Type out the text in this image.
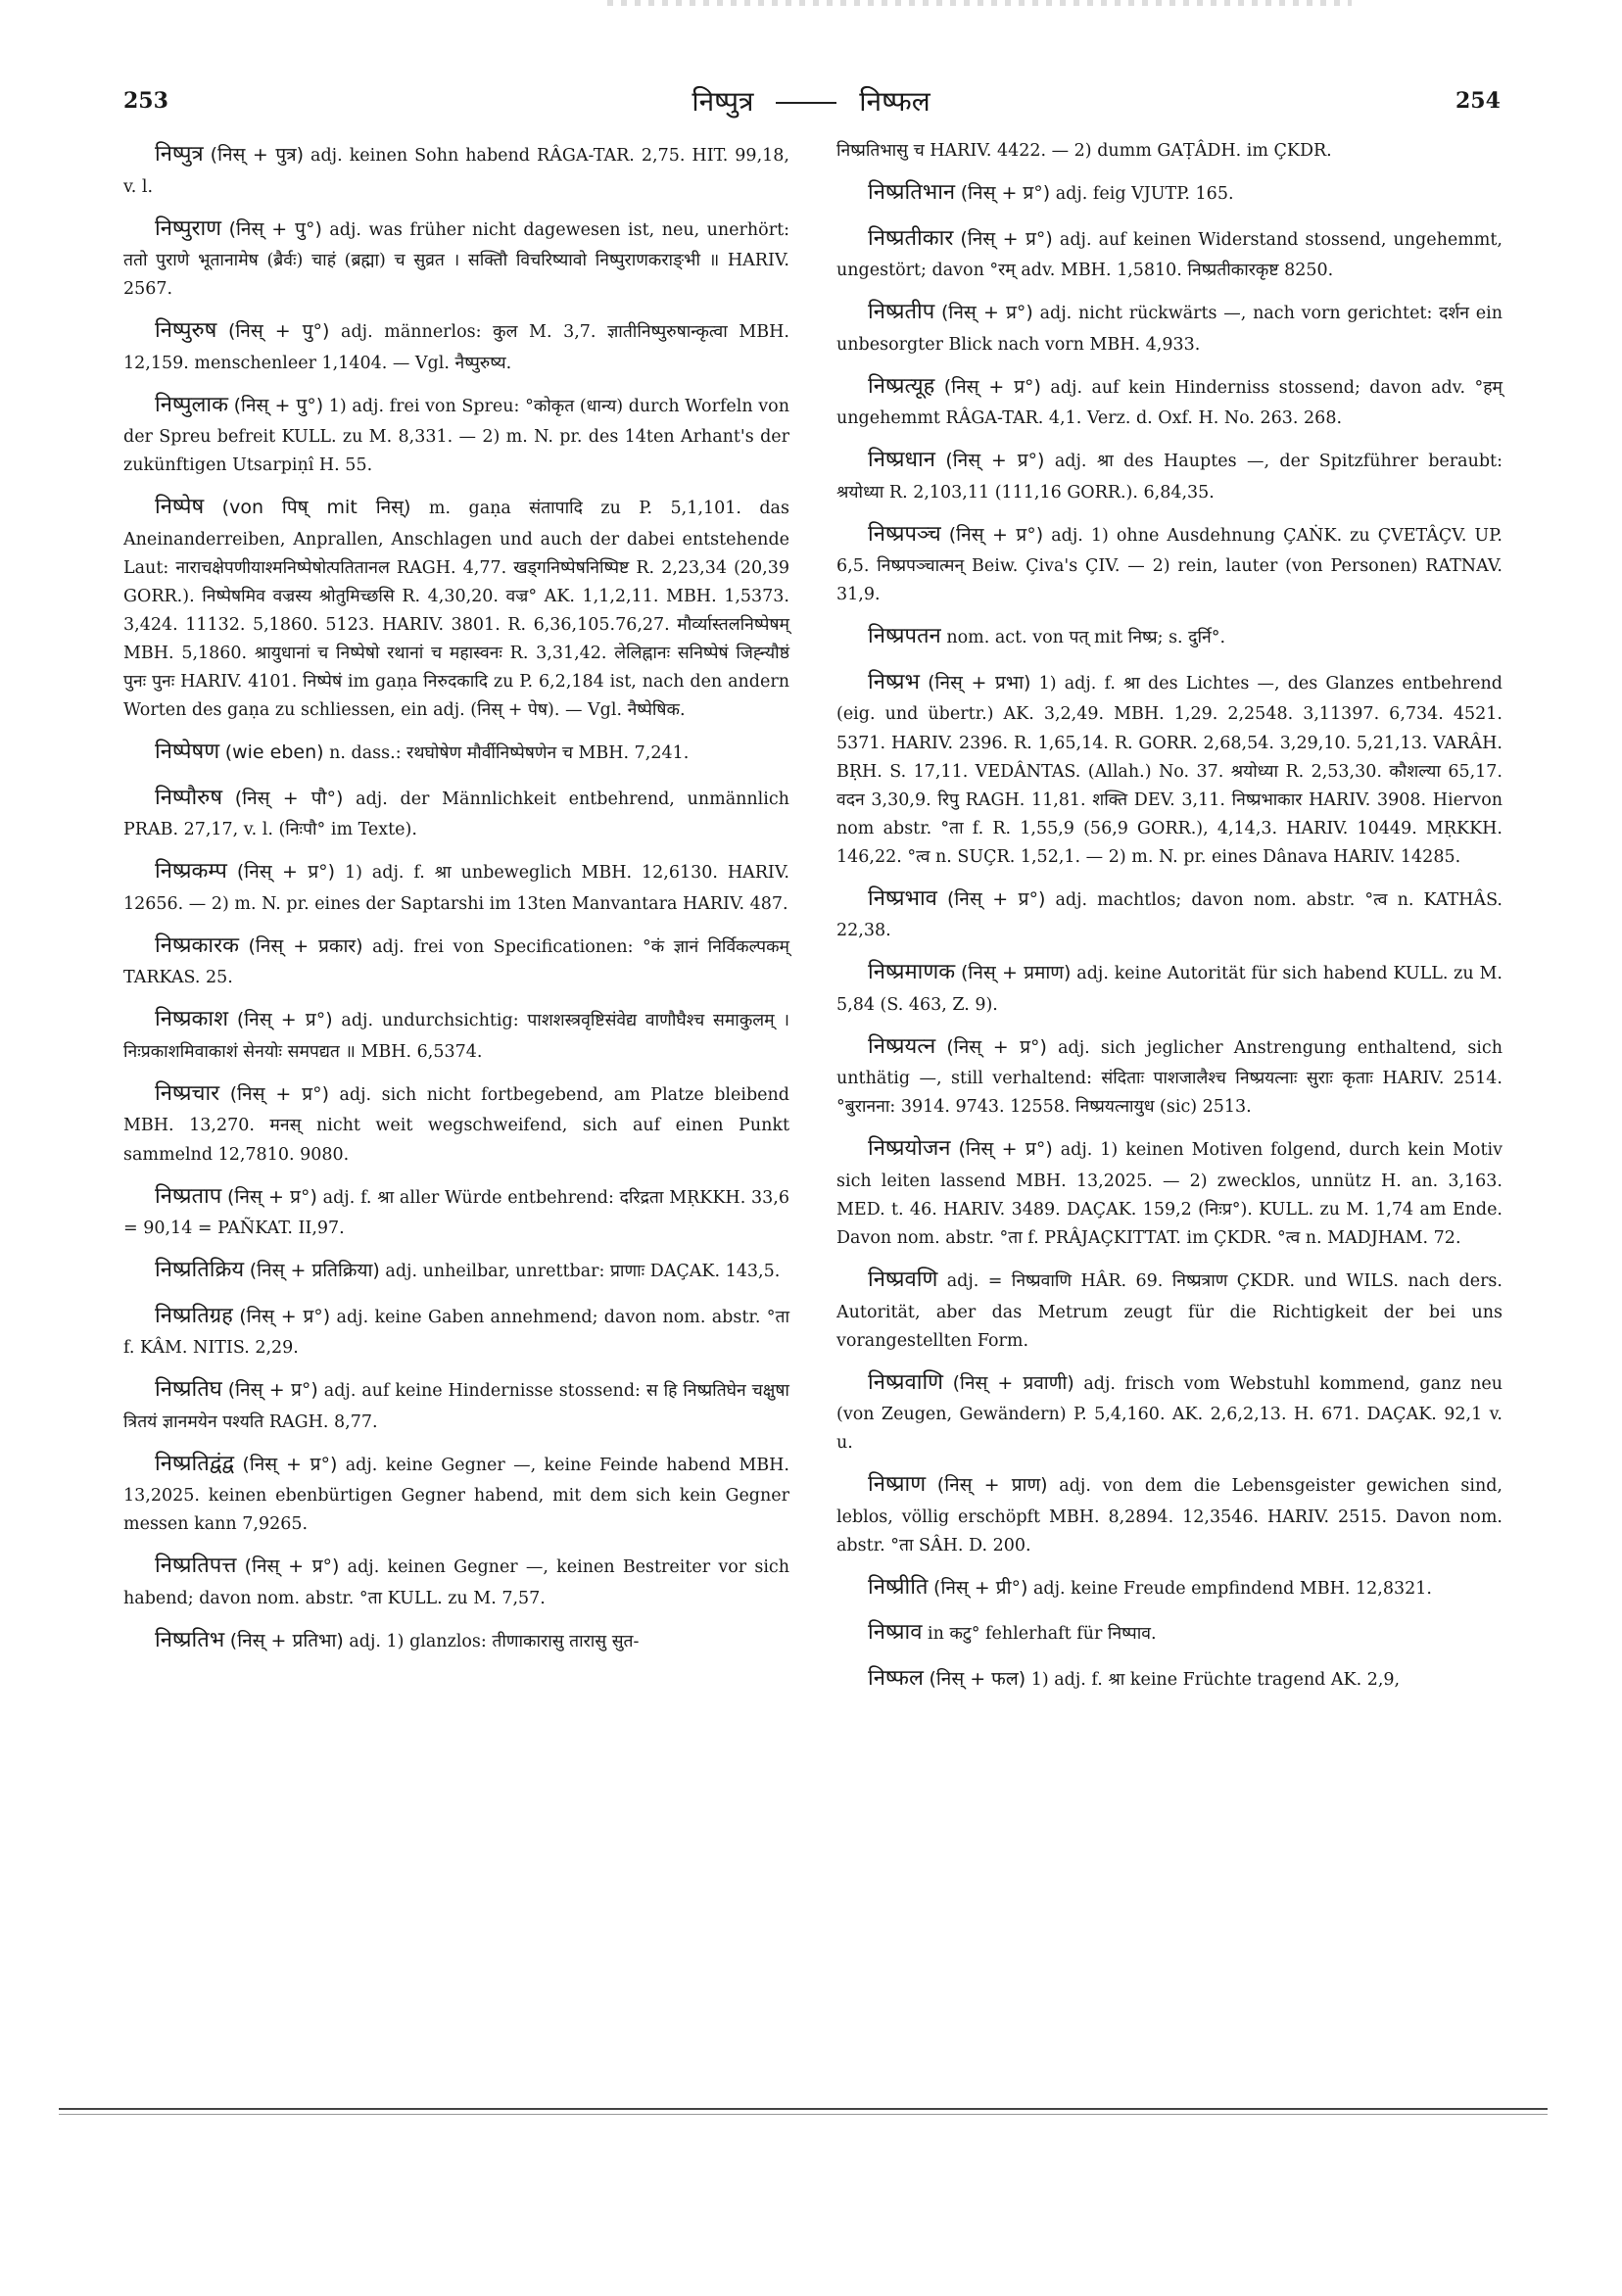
253	निष्पुत्र	निष्फल	254

निष्पुत्र (निस् + पुत्र) adj. keinen Sohn habend RÂGA-TAR. 2,75. HIT. 99,18, v. l.

निष्पुराण (निस् + पु°) adj. was früher nicht dagewesen ist, neu, unerhört: ततो पुराणे भूतानामेष (ब्रैर्वः) चाहं (ब्रह्मा) च सुव्रत । सक्तिौ विचरिष्यावो निष्पुराणकराङ्भी ॥ HARIV. 2567.

निष्पुरुष (निस् + पु°) adj. männerlos: कुल M. 3,7. ज्ञातीनिष्पुरुषान्कृत्वा MBH. 12,159. menschenleer 1,1404. — Vgl. नैष्पुरुष्य.

निष्पुलाक (निस् + पु°) 1) adj. frei von Spreu: °कोकृत (धान्य) durch Worfeln von der Spreu befreit KULL. zu M. 8,331. — 2) m. N. pr. des 14ten Arhant's der zukünftigen Utsarpiṇî H. 55.

निष्पेष (von पिष् mit निस्) m. gaṇa संतापादि zu P. 5,1,101. das Aneinanderreiben, Anprallen, Anschlagen und auch der dabei entstehende Laut: नाराचक्षेपणीयाश्मनिष्पेषोत्पतितानल RAGH. 4,77. खड्गनिष्पेषनिष्पिष्ट R. 2,23,34 (20,39 GORR.). निष्पेषमिव वज्रस्य श्रोतुमिच्छसि R. 4,30,20. वज्र° AK. 1,1,2,11. MBH. 1,5373. 3,424. 11132. 5,1860. 5123. HARIV. 3801. R. 6,36,105.76,27. मौर्व्यास्तलनिष्पेषम् MBH. 5,1860. श्रायुधानां च निष्पेषो रथानां च महास्वनः R. 3,31,42. लेलिह्नानः सनिष्पेषं जिह्न्यौष्ठं पुनः पुनः HARIV. 4101. निष्पेषं im gaṇa निरुदकादि zu P. 6,2,184 ist, nach den andern Worten des gaṇa zu schliessen, ein adj. (निस् + पेष). — Vgl. नैष्पेषिक.

निष्पेषण (wie eben) n. dass.: रथघोषेण मौर्वीनिष्पेषणेन च MBH. 7,241.

निष्पौरुष (निस् + पौ°) adj. der Männlichkeit entbehrend, unmännlich PRAB. 27,17, v. l. (निःपौ° im Texte).

निष्प्रकम्प (निस् + प्र°) 1) adj. f. श्रा unbeweglich MBH. 12,6130. HARIV. 12656. — 2) m. N. pr. eines der Saptarshi im 13ten Manvantara HARIV. 487.

निष्प्रकारक (निस् + प्रकार) adj. frei von Specificationen: °कं ज्ञानं निर्विकल्पकम् TARKAS. 25.

निष्प्रकाश (निस् + प्र°) adj. undurchsichtig: पाशशस्त्रवृष्टिसंवेद्य वाणौघैश्च समाकुलम् । निःप्रकाशमिवाकाशं सेनयोः समपद्यत ॥ MBH. 6,5374.

निष्प्रचार (निस् + प्र°) adj. sich nicht fortbegebend, am Platze bleibend MBH. 13,270. मनस् nicht weit wegschweifend, sich auf einen Punkt sammelnd 12,7810. 9080.

निष्प्रताप (निस् + प्र°) adj. f. श्रा aller Würde entbehrend: दरिद्रता MṚKKH. 33,6 = 90,14 = PAÑKAT. II,97.

निष्प्रतिक्रिय (निस् + प्रतिक्रिया) adj. unheilbar, unrettbar: प्राणाः DAÇAK. 143,5.

निष्प्रतिग्रह (निस् + प्र°) adj. keine Gaben annehmend; davon nom. abstr. °ता f. KÂM. NITIS. 2,29.

निष्प्रतिघ (निस् + प्र°) adj. auf keine Hindernisse stossend: स हि निष्प्रतिघेन चक्षुषा त्रितयं ज्ञानमयेन पश्यति RAGH. 8,77.

निष्प्रतिद्वंद्व (निस् + प्र°) adj. keine Gegner —, keine Feinde habend MBH. 13,2025. keinen ebenbürtigen Gegner habend, mit dem sich kein Gegner messen kann 7,9265.

निष्प्रतिपत्त (निस् + प्र°) adj. keinen Gegner —, keinen Bestreiter vor sich habend; davon nom. abstr. °ता KULL. zu M. 7,57.

निष्प्रतिभ (निस् + प्रतिभा) adj. 1) glanzlos: तीणाकारासु तारासु सुत-

निष्प्रतिभासु च HARIV. 4422. — 2) dumm GAṬÂDH. im ÇKDR.

निष्प्रतिभान (निस् + प्र°) adj. feig VJUTP. 165.

निष्प्रतीकार (निस् + प्र°) adj. auf keinen Widerstand stossend, ungehemmt, ungestört; davon °रम् adv. MBH. 1,5810. निष्प्रतीकारकृष्ट 8250.

निष्प्रतीप (निस् + प्र°) adj. nicht rückwärts —, nach vorn gerichtet: दर्शन ein unbesorgter Blick nach vorn MBH. 4,933.

निष्प्रत्यूह (निस् + प्र°) adj. auf kein Hinderniss stossend; davon adv. °हम् ungehemmt RÂGA-TAR. 4,1. Verz. d. Oxf. H. No. 263. 268.

निष्प्रधान (निस् + प्र°) adj. श्रा des Hauptes —, der Spitzführer beraubt: श्रयोध्या R. 2,103,11 (111,16 GORR.). 6,84,35.

निष्प्रपञ्च (निस् + प्र°) adj. 1) ohne Ausdehnung ÇAṄK. zu ÇVETÂÇV. UP. 6,5. निष्प्रपञ्चात्मन् Beiw. Çiva's ÇIV. — 2) rein, lauter (von Personen) RATNAV. 31,9.

निष्प्रपतन nom. act. von पत् mit निष्प्र; s. दुर्नि°.

निष्प्रभ (निस् + प्रभा) 1) adj. f. श्रा des Lichtes —, des Glanzes entbehrend (eig. und übertr.) AK. 3,2,49. MBH. 1,29. 2,2548. 3,11397. 6,734. 4521. 5371. HARIV. 2396. R. 1,65,14. R. GORR. 2,68,54. 3,29,10. 5,21,13. VARÂH. BṚH. S. 17,11. VEDÂNTAS. (Allah.) No. 37. श्रयोध्या R. 2,53,30. कौशल्या 65,17. वदन 3,30,9. रिपु RAGH. 11,81. शक्ति DEV. 3,11. निष्प्रभाकार HARIV. 3908. Hiervon nom abstr. °ता f. R. 1,55,9 (56,9 GORR.), 4,14,3. HARIV. 10449. MṚKKH. 146,22. °त्व n. SUÇR. 1,52,1. — 2) m. N. pr. eines Dânava HARIV. 14285.

निष्प्रभाव (निस् + प्र°) adj. machtlos; davon nom. abstr. °त्व n. KATHÂS. 22,38.

निष्प्रमाणक (निस् + प्रमाण) adj. keine Autorität für sich habend KULL. zu M. 5,84 (S. 463, Z. 9).

निष्प्रयत्न (निस् + प्र°) adj. sich jeglicher Anstrengung enthaltend, sich unthätig —, still verhaltend: संदिताः पाशजालैश्च निष्प्रयत्नाः सुराः कृताः HARIV. 2514. °बुरानना: 3914. 9743. 12558. निष्प्रयत्नायुध (sic) 2513.

निष्प्रयोजन (निस् + प्र°) adj. 1) keinen Motiven folgend, durch kein Motiv sich leiten lassend MBH. 13,2025. — 2) zwecklos, unnütz H. an. 3,163. MED. t. 46. HARIV. 3489. DAÇAK. 159,2 (निःप्र°). KULL. zu M. 1,74 am Ende. Davon nom. abstr. °ता f. PRÂJAÇKITTAT. im ÇKDR. °त्व n. MADJHAM. 72.

निष्प्रवणि adj. = निष्प्रवाणि HÂR. 69. निष्प्रत्राण ÇKDR. und WILS. nach ders. Autorität, aber das Metrum zeugt für die Richtigkeit der bei uns vorangestellten Form.

निष्प्रवाणि (निस् + प्रवाणी) adj. frisch vom Webstuhl kommend, ganz neu (von Zeugen, Gewändern) P. 5,4,160. AK. 2,6,2,13. H. 671. DAÇAK. 92,1 v. u.

निष्प्राण (निस् + प्राण) adj. von dem die Lebensgeister gewichen sind, leblos, völlig erschöpft MBH. 8,2894. 12,3546. HARIV. 2515. Davon nom. abstr. °ता SÂH. D. 200.

निष्प्रीति (निस् + प्री°) adj. keine Freude empfindend MBH. 12,8321.

निष्प्राव in कटु° fehlerhaft für निष्पाव.

निष्फल (निस् + फल) 1) adj. f. श्रा keine Früchte tragend AK. 2,9,
